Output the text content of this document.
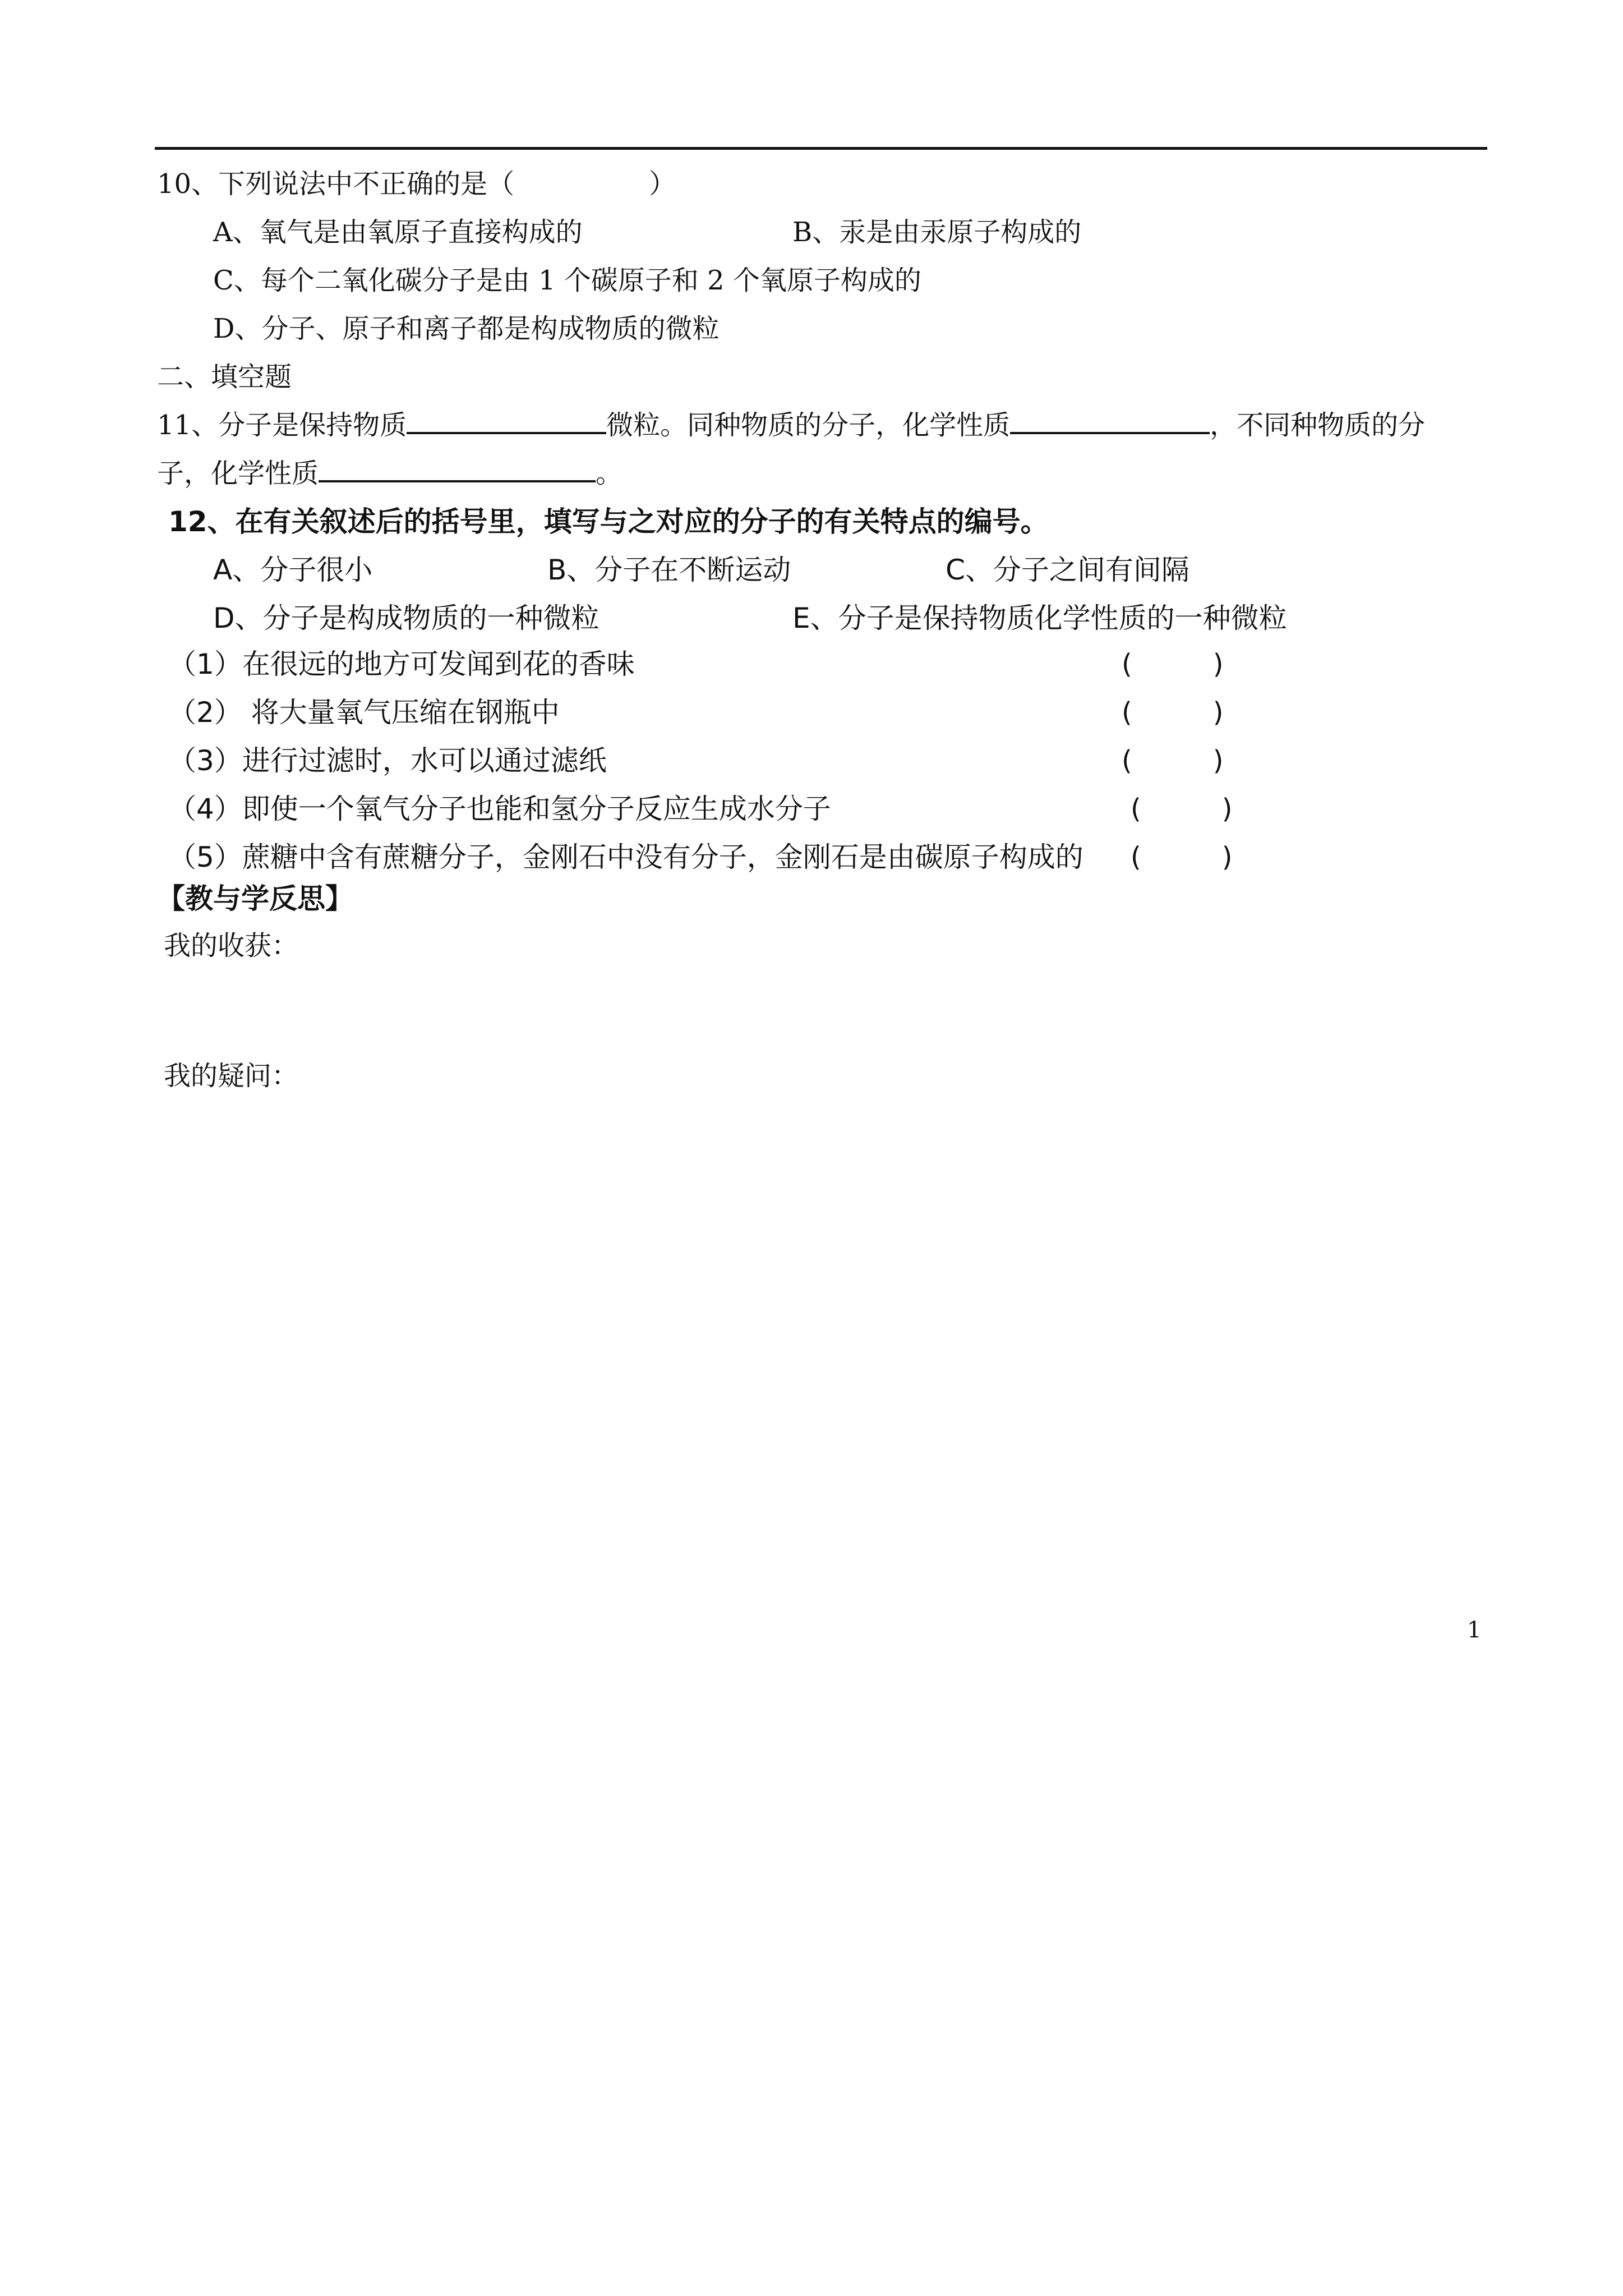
10、下列说法中不正确的是（　　　　　）
A、氧气是由氧原子直接构成的	B、汞是由汞原子构成的
C、每个二氧化碳分子是由 1 个碳原子和 2 个氧原子构成的
D、分子、原子和离子都是构成物质的微粒
二、填空题
11、分子是保持物质	微粒。同种物质的分子，化学性质	，不同种物质的分
子，化学性质	。
12、在有关叙述后的括号里，填写与之对应的分子的有关特点的编号。
A、分子很小	B、分子在不断运动	C、分子之间有间隔
D、分子是构成物质的一种微粒	E、分子是保持物质化学性质的一种微粒
（1）在很远的地方可发闻到花的香味	(　　　)
（2） 将大量氧气压缩在钢瓶中	(　　　)
（3）进行过滤时，水可以通过滤纸	(　　　)
（4）即使一个氧气分子也能和氢分子反应生成水分子	(　　　)
（5）蔗糖中含有蔗糖分子，金刚石中没有分子，金刚石是由碳原子构成的 (　　　)
【教与学反思】
我的收获：
我的疑问：
1
